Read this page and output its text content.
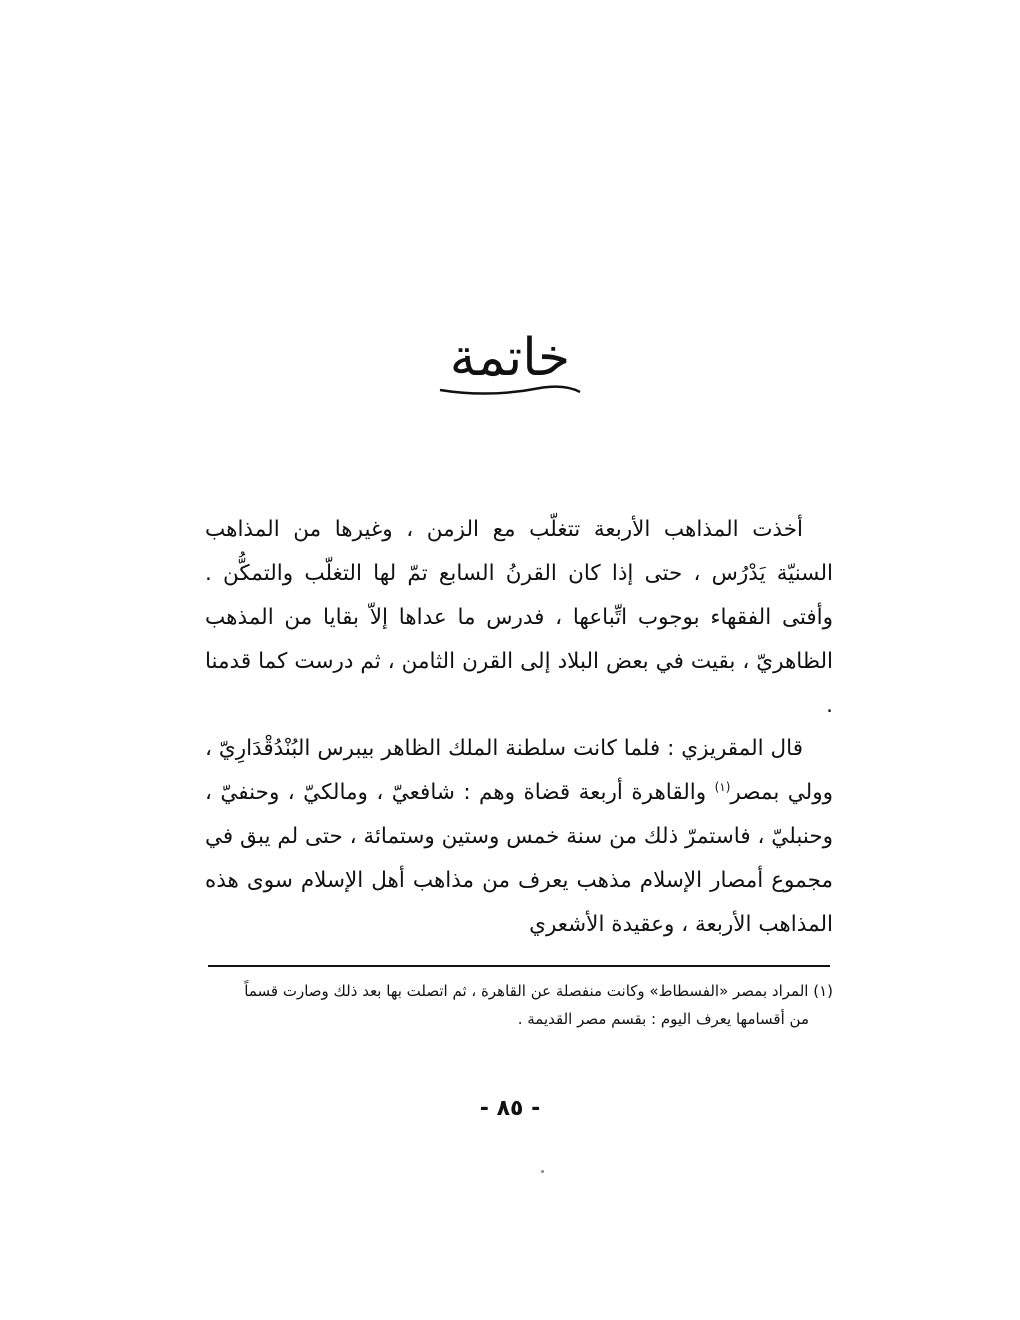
خاتمة
أخذت المذاهب الأربعة تتغلّب مع الزمن ، وغيرها من المذاهب السنيّة يَدْرُس ، حتى إذا كان القرنُ السابع تمّ لها التغلّب والتمكُّن . وأفتى الفقهاء بوجوب اتِّباعها ، فدرس ما عداها إلاّ بقايا من المذهب الظاهريّ ، بقيت في بعض البلاد إلى القرن الثامن ، ثم درست كما قدمنا .
قال المقريزي : فلما كانت سلطنة الملك الظاهر بيبرس البُنْدُقْدَارِيّ ، وولي بمصر$^{(١)}$ والقاهرة أربعة قضاة وهم : شافعيّ ، ومالكيّ ، وحنفيّ ، وحنبليّ ، فاستمرّ ذلك من سنة خمس وستين وستمائة ، حتى لم يبق في مجموع أمصار الإسلام مذهب يعرف من مذاهب أهل الإسلام سوى هذه المذاهب الأربعة ، وعقيدة الأشعري
(١) المراد بمصر «الفسطاط» وكانت منفصلة عن القاهرة ، ثم اتصلت بها بعد ذلك وصارت قسماً
من أقسامها يعرف اليوم : بقسم مصر القديمة .
- ٨٥ -
